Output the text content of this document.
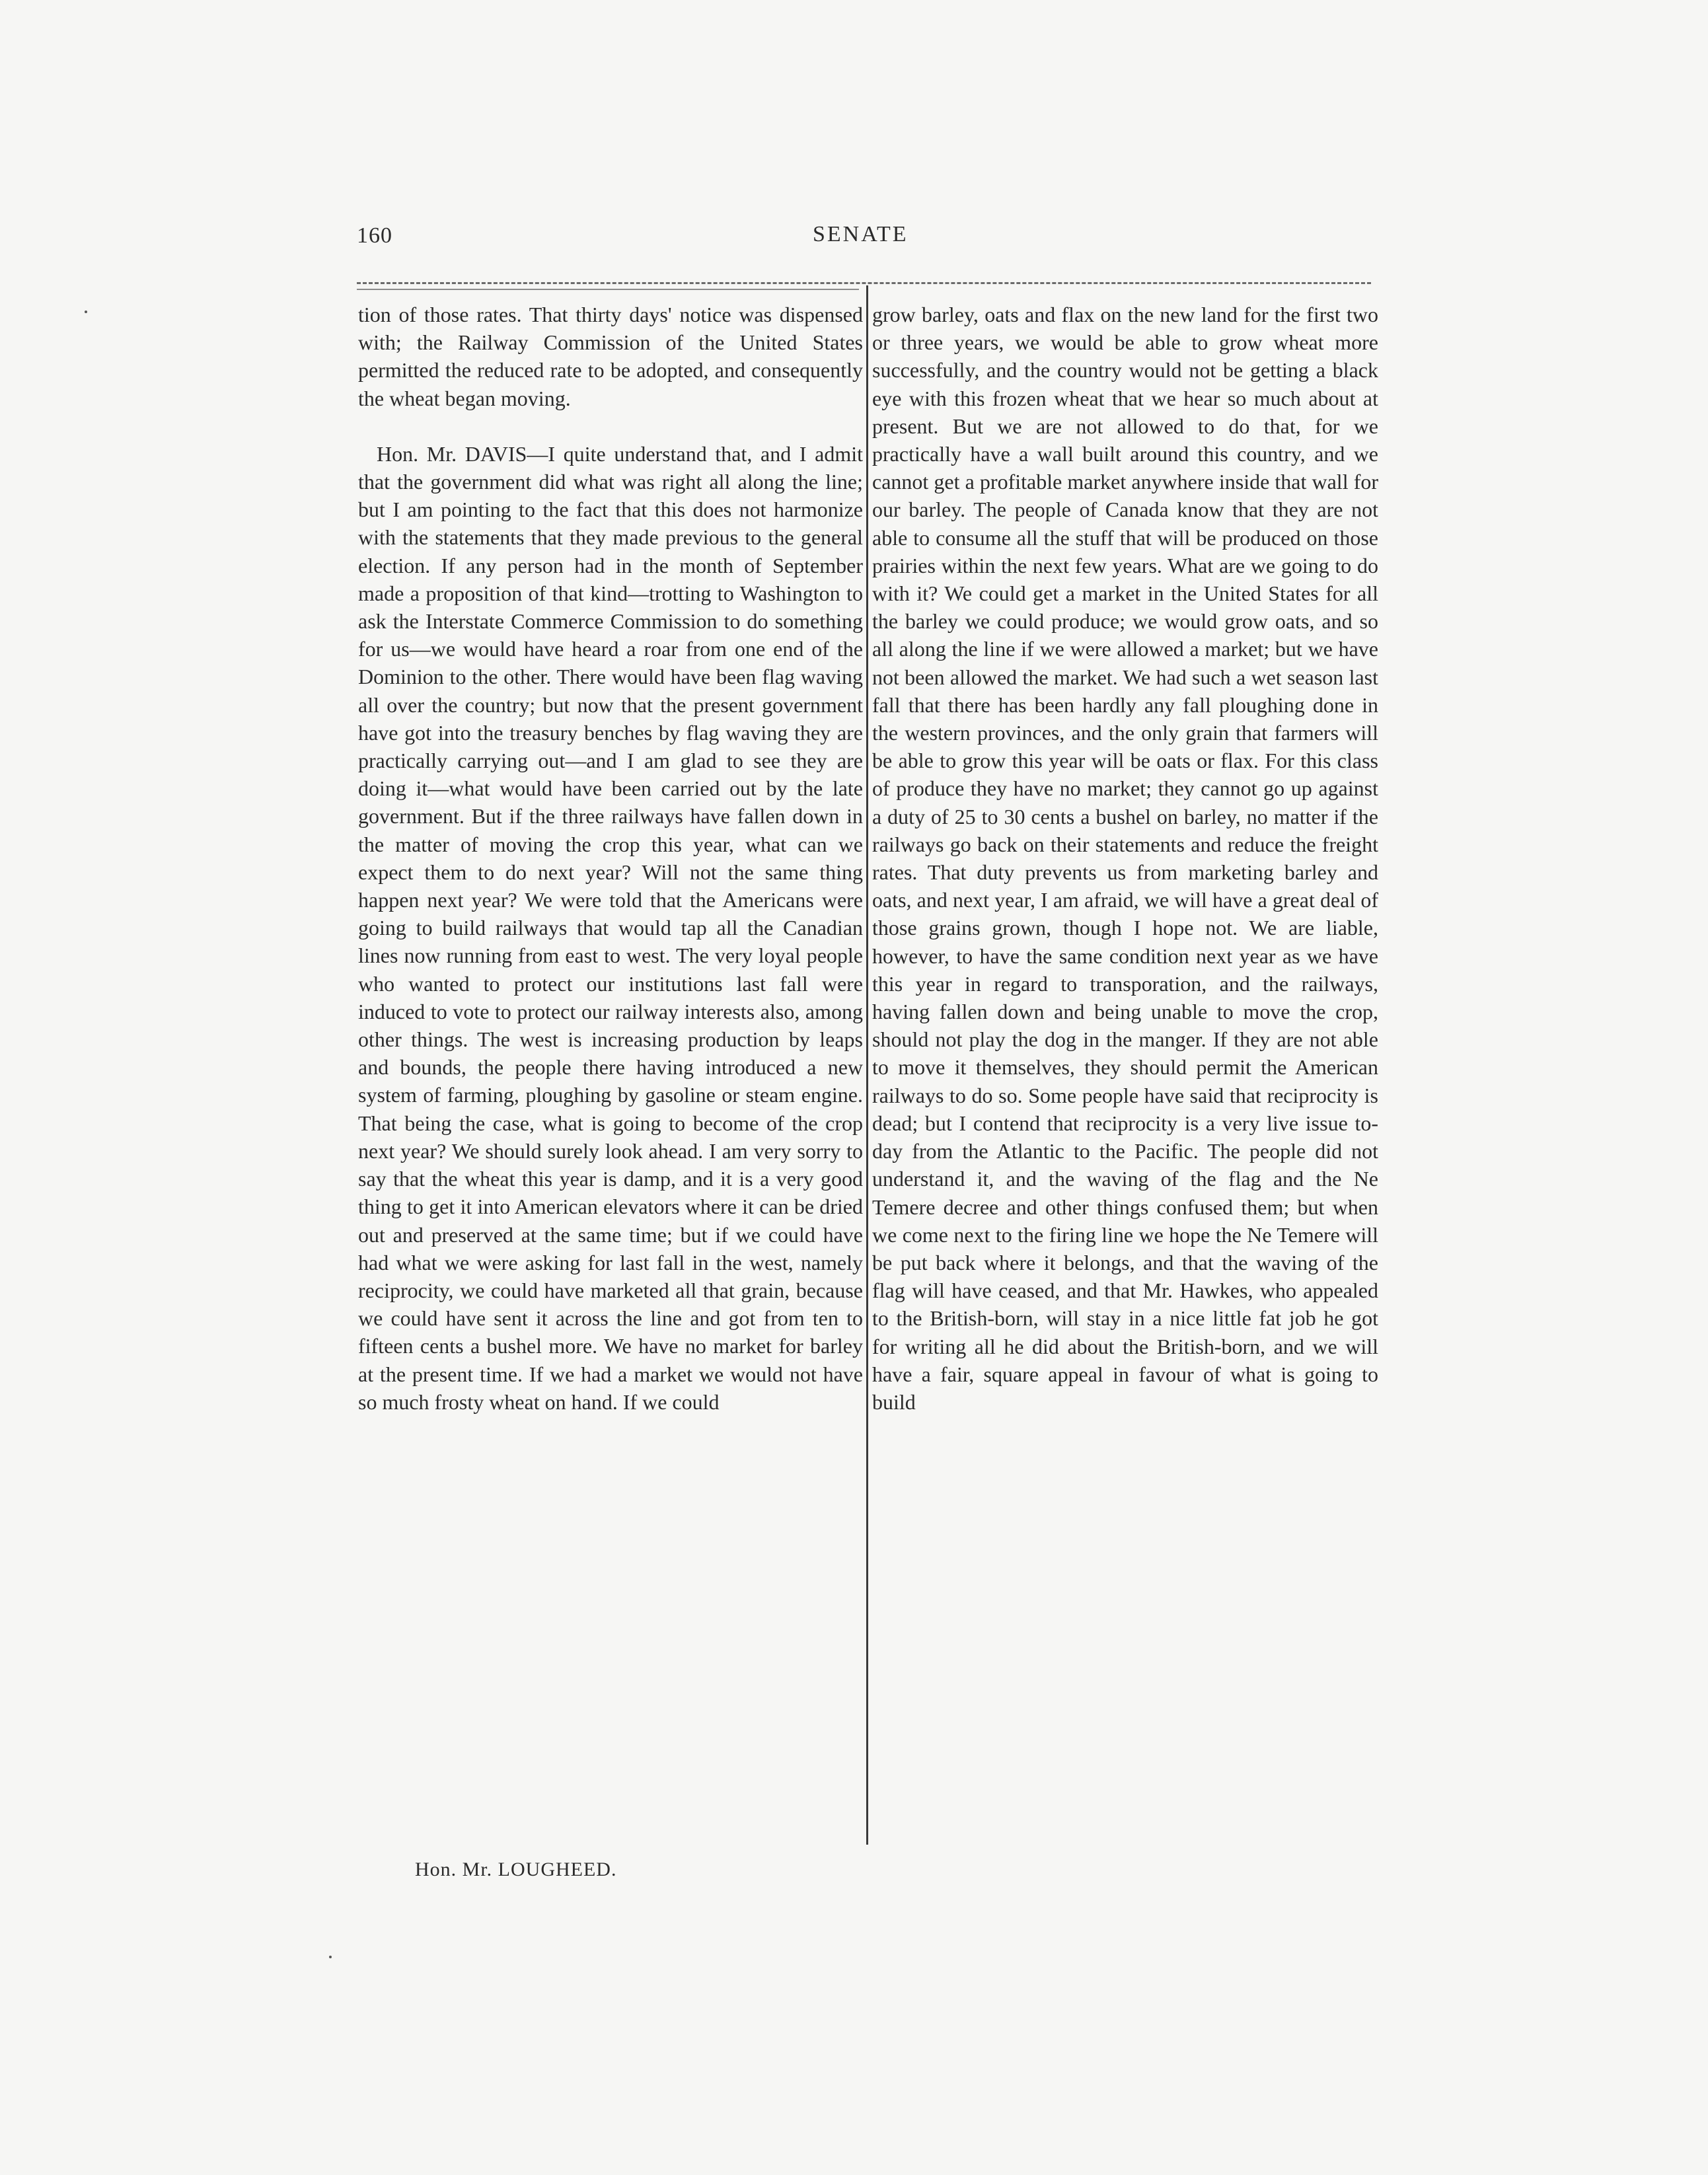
160	SENATE

tion of those rates. That thirty days' notice was dispensed with; the Railway Commission of the United States permitted the reduced rate to be adopted, and consequently the wheat began moving.

Hon. Mr. DAVIS—I quite understand that, and I admit that the government did what was right all along the line; but I am pointing to the fact that this does not harmonize with the statements that they made previous to the general election. If any person had in the month of September made a proposition of that kind—trotting to Washington to ask the Interstate Commerce Commission to do something for us—we would have heard a roar from one end of the Dominion to the other. There would have been flag waving all over the country; but now that the present government have got into the treasury benches by flag waving they are practically carrying out—and I am glad to see they are doing it—what would have been carried out by the late government. But if the three railways have fallen down in the matter of moving the crop this year, what can we expect them to do next year? Will not the same thing happen next year? We were told that the Americans were going to build railways that would tap all the Canadian lines now running from east to west. The very loyal people who wanted to protect our institutions last fall were induced to vote to protect our railway interests also, among other things. The west is increasing production by leaps and bounds, the people there having introduced a new system of farming, ploughing by gasoline or steam engine. That being the case, what is going to become of the crop next year? We should surely look ahead. I am very sorry to say that the wheat this year is damp, and it is a very good thing to get it into American elevators where it can be dried out and preserved at the same time; but if we could have had what we were asking for last fall in the west, namely reciprocity, we could have marketed all that grain, because we could have sent it across the line and got from ten to fifteen cents a bushel more. We have no market for barley at the present time. If we had a market we would not have so much frosty wheat on hand. If we could

grow barley, oats and flax on the new land for the first two or three years, we would be able to grow wheat more successfully, and the country would not be getting a black eye with this frozen wheat that we hear so much about at present. But we are not allowed to do that, for we practically have a wall built around this country, and we cannot get a profitable market anywhere inside that wall for our barley. The people of Canada know that they are not able to consume all the stuff that will be produced on those prairies within the next few years. What are we going to do with it? We could get a market in the United States for all the barley we could produce; we would grow oats, and so all along the line if we were allowed a market; but we have not been allowed the market. We had such a wet season last fall that there has been hardly any fall ploughing done in the western provinces, and the only grain that farmers will be able to grow this year will be oats or flax. For this class of produce they have no market; they cannot go up against a duty of 25 to 30 cents a bushel on barley, no matter if the railways go back on their statements and reduce the freight rates. That duty prevents us from marketing barley and oats, and next year, I am afraid, we will have a great deal of those grains grown, though I hope not. We are liable, however, to have the same condition next year as we have this year in regard to transporation, and the railways, having fallen down and being unable to move the crop, should not play the dog in the manger. If they are not able to move it themselves, they should permit the American railways to do so. Some people have said that reciprocity is dead; but I contend that reciprocity is a very live issue to-day from the Atlantic to the Pacific. The people did not understand it, and the waving of the flag and the Ne Temere decree and other things confused them; but when we come next to the firing line we hope the Ne Temere will be put back where it belongs, and that the waving of the flag will have ceased, and that Mr. Hawkes, who appealed to the British-born, will stay in a nice little fat job he got for writing all he did about the British-born, and we will have a fair, square appeal in favour of what is going to build

Hon. Mr. LOUGHEED.
